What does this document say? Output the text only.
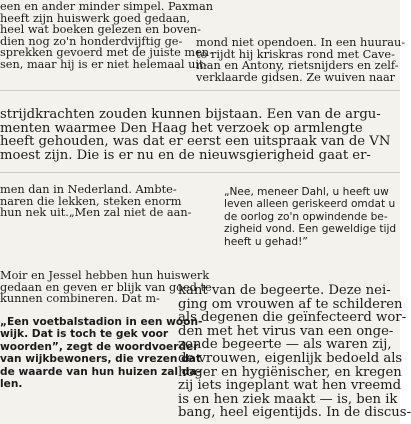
een en ander minder simpel. Paxman
heeft zijn huiswerk goed gedaan,
heel wat boeken gelezen en boven-
dien nog zo'n honderdvijftig ge-
sprekken gevoerd met de juiste men-
sen, maar hij is er niet helemaal uit-
mond niet opendoen. In een huurau-
to rijdt hij kriskras rond met Cave-
man en Antony, rietsnijders en zelf-
verklaarde gidsen. Ze wuiven naar
strijdkrachten zouden kunnen bijstaan. Een van de argu-
menten waarmee Den Haag het verzoek op armlengte
heeft gehouden, was dat er eerst een uitspraak van de VN
moest zijn. Die is er nu en de nieuwsgierigheid gaat er-
men dan in Nederland. Ambte-
naren die lekken, steken enorm
hun nek uit.„Men zal niet de aan-
„Nee, meneer Dahl, u heeft uw
leven alleen geriskeerd omdat u
de oorlog zo'n opwindende be-
zigheid vond. Een geweldige tijd
heeft u gehad!”
Moir en Jessel hebben hun huiswerk
gedaan en geven er blijk van goed te
kunnen combineren. Dat m-
kant van de begeerte. Deze nei-
ging om vrouwen af te schilderen
als degenen die geïnfecteerd wor-
den met het virus van een onge-
zonde begeerte — als waren zij,
de vrouwen, eigenlijk bedoeld als
hoger en hygiënischer, en kregen
zij iets ingeplant wat hen vreemd
is en hen ziek maakt — is, ben ik
bang, heel eigentijds. In de discus-
„Een voetbalstadion in een woon-
wijk. Dat is toch te gek voor
woorden”, zegt de woordvoerder
van wijkbewoners, die vrezen dat
de waarde van hun huizen zal da-
len.
